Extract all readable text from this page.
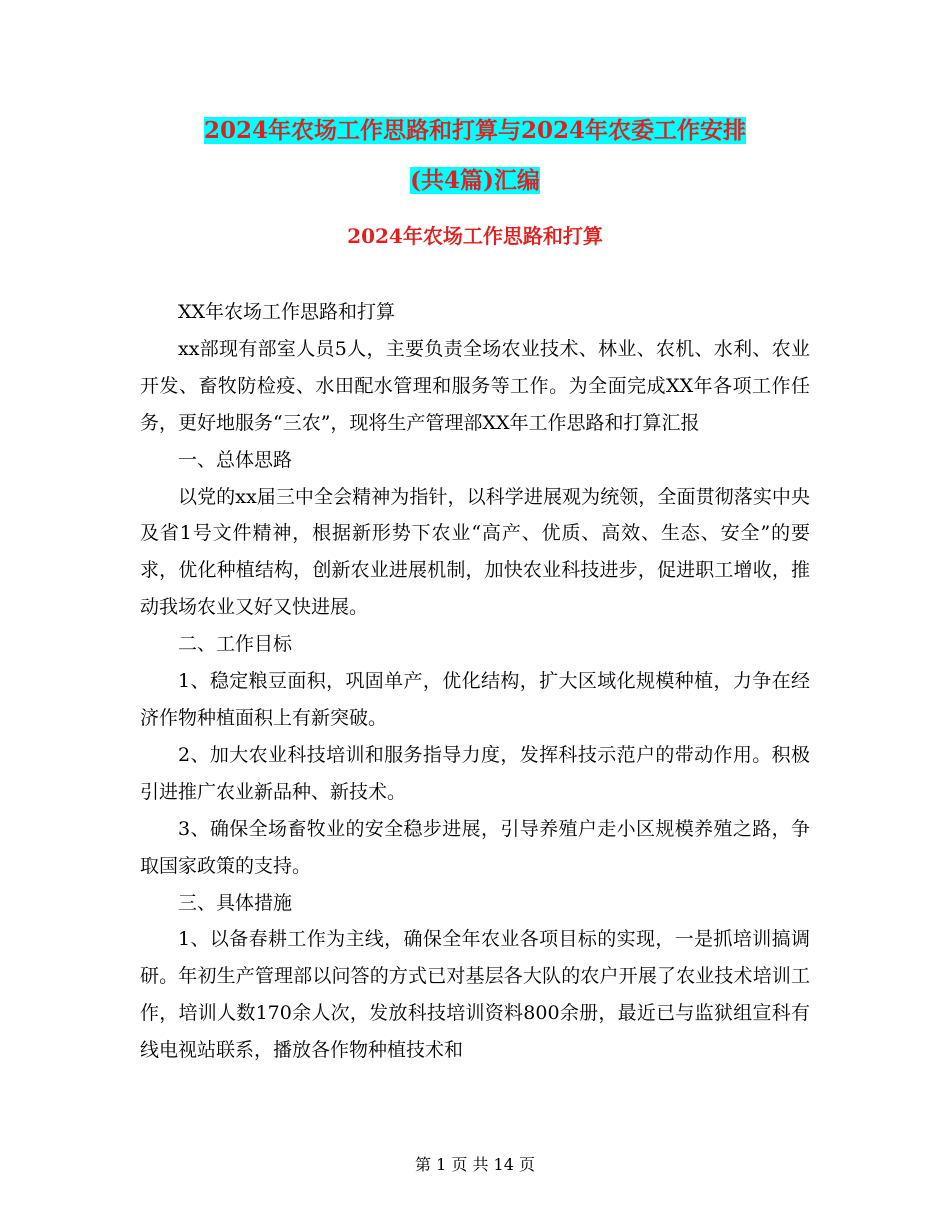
2024年农场工作思路和打算与2024年农委工作安排
(共4篇)汇编
2024年农场工作思路和打算

XX年农场工作思路和打算

xx部现有部室人员5人，主要负责全场农业技术、林业、农机、水利、农业开发、畜牧防检疫、水田配水管理和服务等工作。为全面完成XX年各项工作任务，更好地服务“三农”，现将生产管理部XX年工作思路和打算汇报

一、总体思路

以党的xx届三中全会精神为指针，以科学进展观为统领，全面贯彻落实中央及省1号文件精神，根据新形势下农业“高产、优质、高效、生态、安全”的要求，优化种植结构，创新农业进展机制，加快农业科技进步，促进职工增收，推动我场农业又好又快进展。

二、工作目标

1、稳定粮豆面积，巩固单产，优化结构，扩大区域化规模种植，力争在经济作物种植面积上有新突破。

2、加大农业科技培训和服务指导力度，发挥科技示范户的带动作用。积极引进推广农业新品种、新技术。

3、确保全场畜牧业的安全稳步进展，引导养殖户走小区规模养殖之路，争取国家政策的支持。

三、具体措施

1、以备春耕工作为主线，确保全年农业各项目标的实现，一是抓培训搞调研。年初生产管理部以问答的方式已对基层各大队的农户开展了农业技术培训工作，培训人数170余人次，发放科技培训资料800余册，最近已与监狱组宣科有线电视站联系，播放各作物种植技术和

第 1 页 共 14 页
